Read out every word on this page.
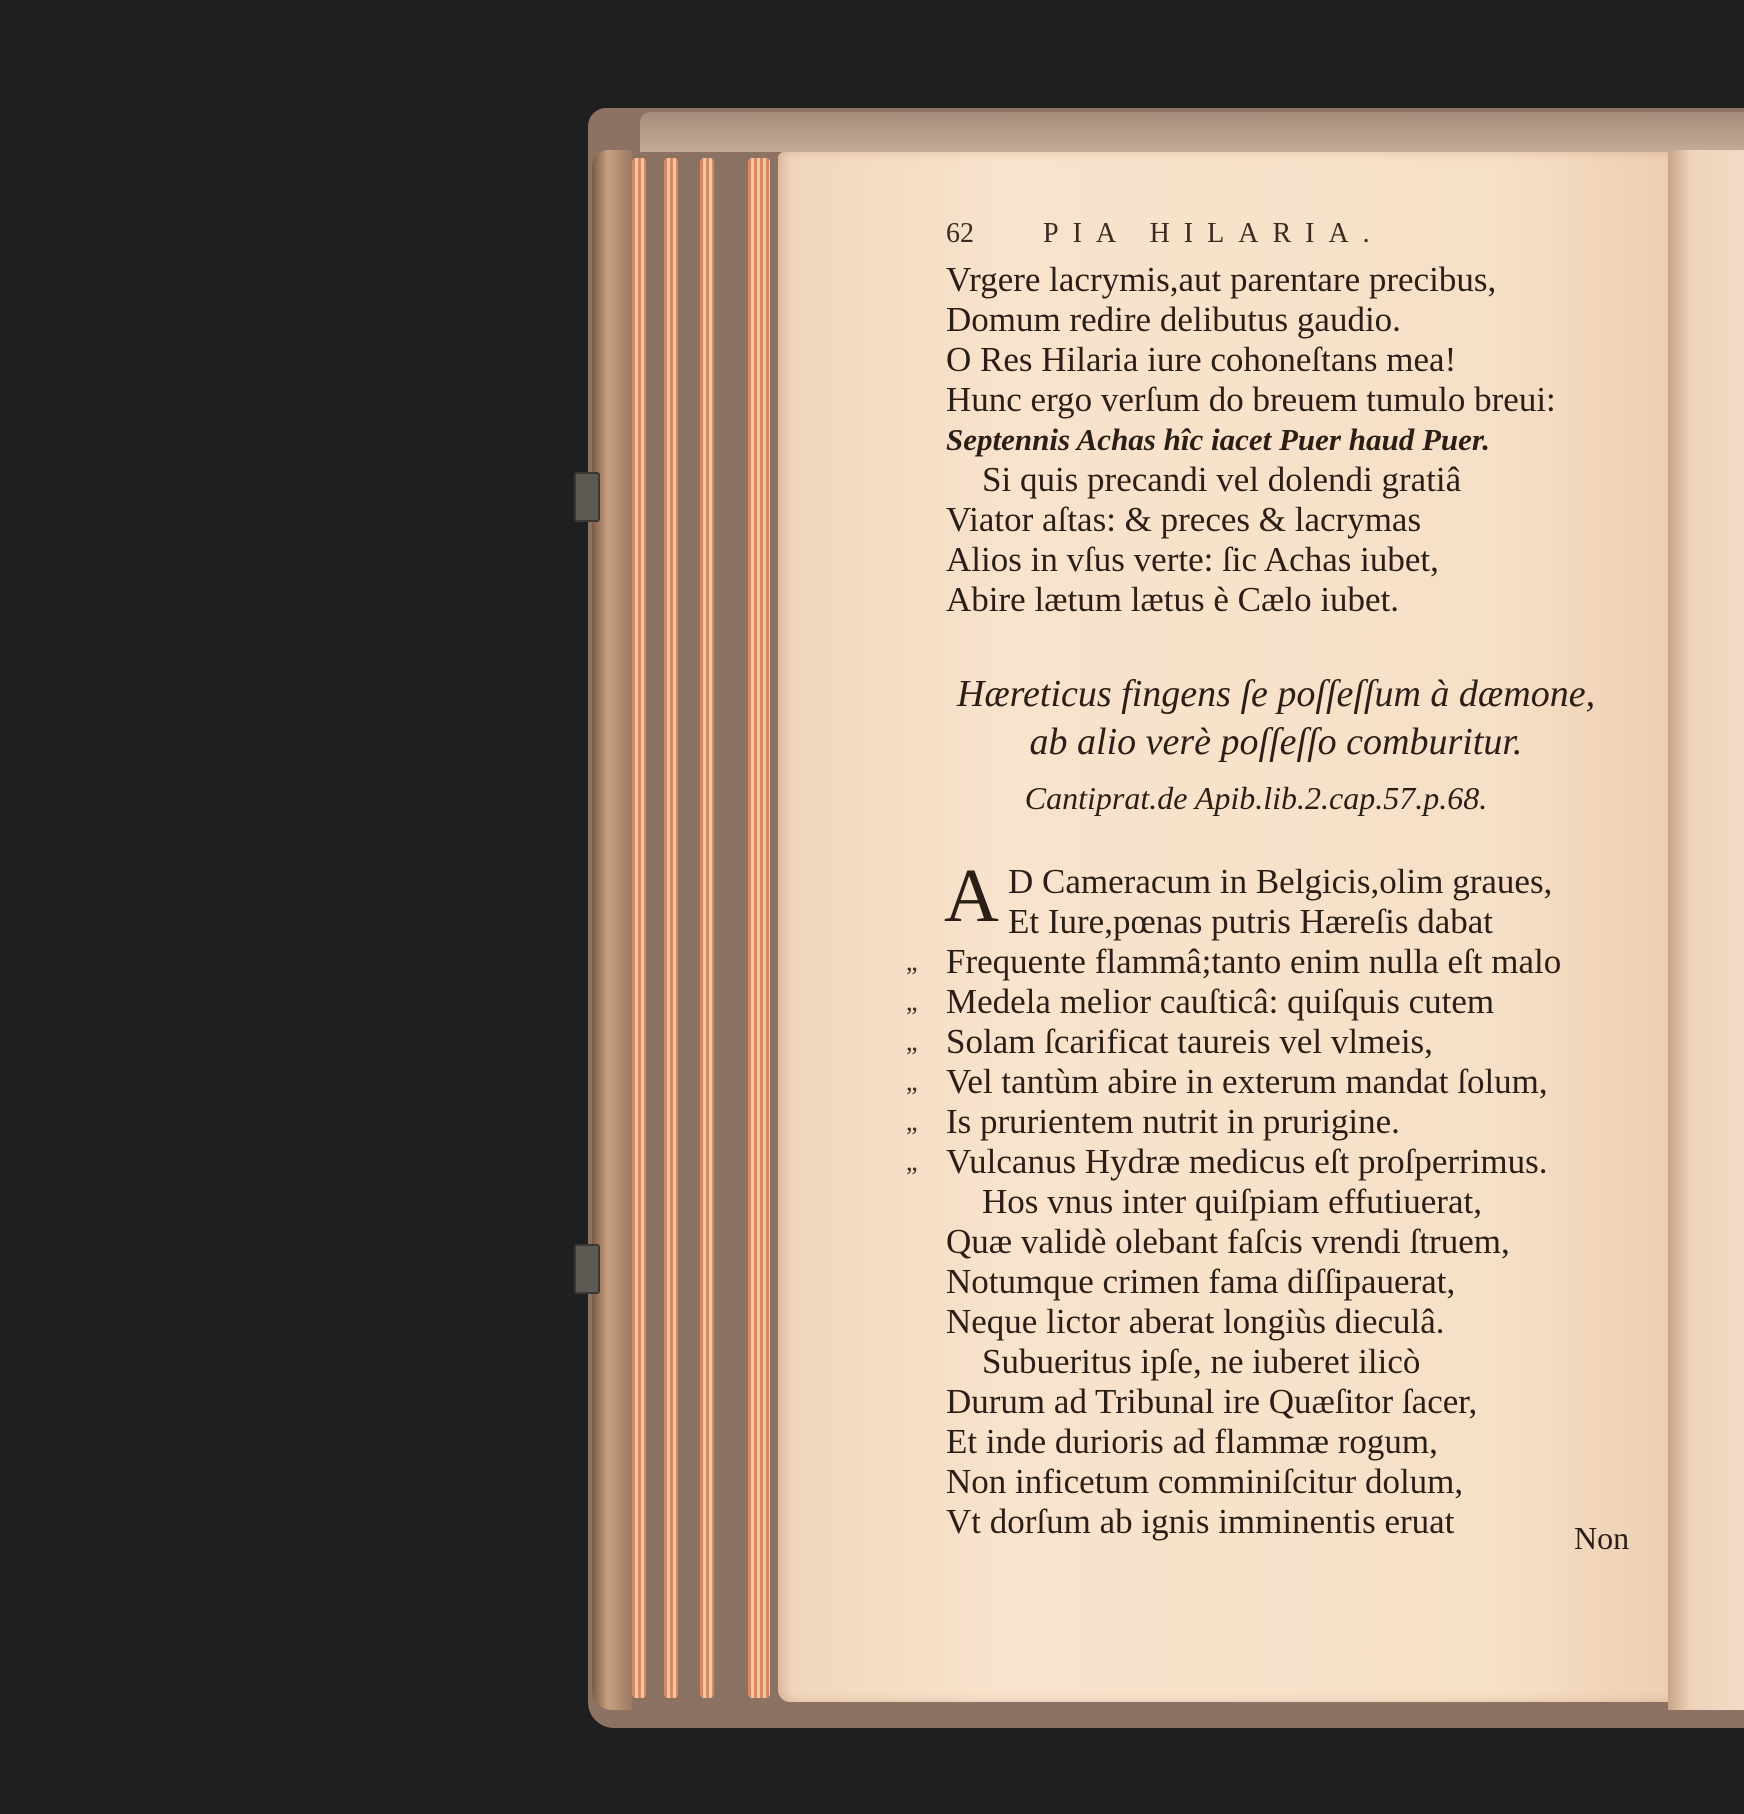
62 PIA HILARIA.
Vrgere lacrymis,aut parentare precibus,
Domum redire delibutus gaudio.
O Res Hilaria iure cohoneſtans mea!
Hunc ergo verſum do breuem tumulo breui:
Septennis Achas hîc iacet Puer haud Puer.
Si quis precandi vel dolendi gratiâ
Viator aſtas: & preces & lacrymas
Alios in vſus verte: ſic Achas iubet,
Abire lætum lætus è Cælo iubet.
Hæreticus fingens ſe poſſeſſum à dæmone,
ab alio verè poſſeſſo comburitur.
Cantiprat.de Apib.lib.2.cap.57.p.68.
A D Cameracum in Belgicis,olim graues,
Et Iure,pœnas putris Hæreſis dabat
„ Frequente flammâ;tanto enim nulla eſt malo
„ Medela melior cauſticâ: quiſquis cutem
„ Solam ſcarificat taureis vel vlmeis,
„ Vel tantùm abire in exterum mandat ſolum,
„ Is prurientem nutrit in prurigine.
„ Vulcanus Hydræ medicus eſt proſperrimus.
Hos vnus inter quiſpiam effutiuerat,
Quæ validè olebant faſcis vrendi ſtruem,
Notumque crimen fama diſſipauerat,
Neque lictor aberat longiùs dieculâ.
Subueritus ipſe, ne iuberet ilicò
Durum ad Tribunal ire Quæſitor ſacer,
Et inde durioris ad flammæ rogum,
Non inficetum comminiſcitur dolum,
Vt dorſum ab ignis imminentis eruat	Non
